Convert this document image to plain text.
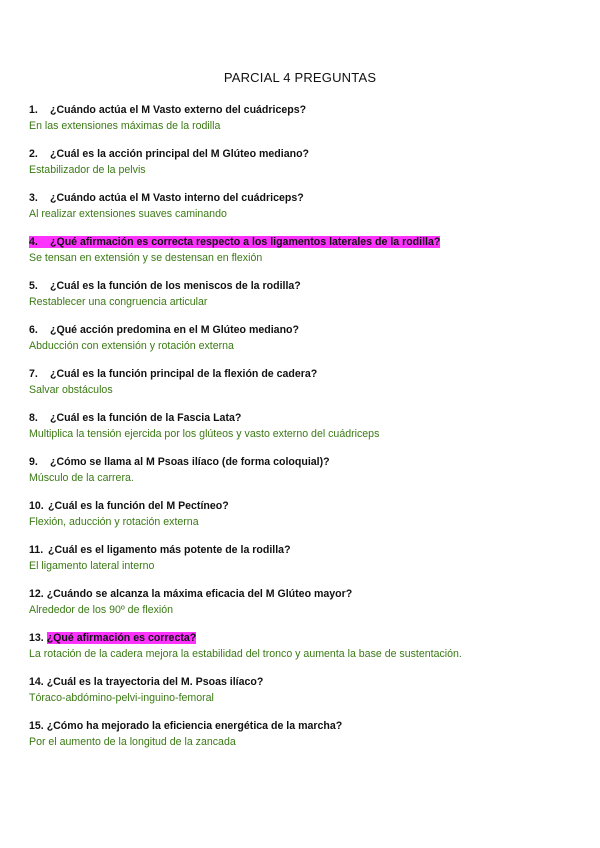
PARCIAL 4 PREGUNTAS
1. ¿Cuándo actúa el M Vasto externo del cuádriceps?
En las extensiones máximas de la rodilla
2. ¿Cuál es la acción principal del M Glúteo mediano?
Estabilizador de la pelvis
3. ¿Cuándo actúa el M Vasto interno del cuádriceps?
Al realizar extensiones suaves caminando
4. ¿Qué afirmación es correcta respecto a los ligamentos laterales de la rodilla?
Se tensan en extensión y se destensan en flexión
5. ¿Cuál es la función de los meniscos de la rodilla?
Restablecer una congruencia articular
6. ¿Qué acción predomina en el M Glúteo mediano?
Abducción con extensión y rotación externa
7. ¿Cuál es la función principal de la flexión de cadera?
Salvar obstáculos
8. ¿Cuál es la función de la Fascia Lata?
Multiplica la tensión ejercida por los glúteos y vasto externo del cuádriceps
9. ¿Cómo se llama al M Psoas ilíaco (de forma coloquial)?
Músculo de la carrera.
10. ¿Cuál es la función del M Pectíneo?
Flexión, aducción y rotación externa
11. ¿Cuál es el ligamento más potente de la rodilla?
El ligamento lateral interno
12. ¿Cuándo se alcanza la máxima eficacia del M Glúteo mayor?
Alrededor de los 90º de flexión
13. ¿Qué afirmación es correcta?
La rotación de la cadera mejora la estabilidad del tronco y aumenta la base de sustentación.
14. ¿Cuál es la trayectoria del M. Psoas ilíaco?
Tóraco-abdómino-pelvi-inguino-femoral
15. ¿Cómo ha mejorado la eficiencia energética de la marcha?
Por el aumento de la longitud de la zancada
